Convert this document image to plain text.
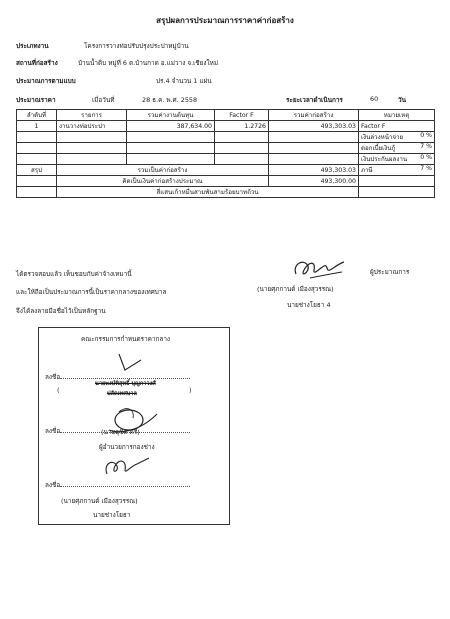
สรุปผลการประมาณการราคาค่าก่อสร้าง
ประเภทงาน	โครงการวางท่อปรับปรุงประปาหมู่บ้าน
สถานที่ก่อสร้าง	บ้านน้ำดิบ หมู่ที่ 6 ต.บ้านกาด อ.แม่วาง จ.เชียงใหม่
ประมาณการตามแบบ	ปร.4 จำนวน 1 แผ่น
ประมาณราคา	เมื่อวันที่	28 ธ.ค. พ.ศ. 2558	ระยะเวลาดำเนินการ	60	วัน
ลำดับที่	รายการ	รวมค่างานต้นทุน	Factor F	รวมค่าก่อสร้าง	หมายเหตุ
1	งานวางท่อประปา	387,634.00	1.2726	493,303.03	Factor F
					เงินล่วงหน้าจ่าย 0 %

					ดอกเบี้ยเงินกู้ 7 %

					เงินประกันผลงาน 0 %

สรุป	รวมเป็นค่าก่อสร้าง			493,303.03	ภาษี 7 %

	คิดเป็นเงินค่าก่อสร้างประมาณ			493,300.00	
	สี่แสนเก้าหมื่นสามพันสามร้อยบาทถ้วน				
ได้ตรวจสอบแล้ว เห็นชอบกับค่าจ้างเหมานี้
และให้ถือเป็นประมาณการนี้เป็นราคากลางของเทศบาล
จึงได้ลงลายมือชื่อไว้เป็นหลักฐาน
ผู้ประมาณการ
(นายศุภกานต์ เมืองสุวรรณ)
นายช่างโยธา 4
คณะกรรมการกำหนดราคากลาง
ลงชื่อ
(
นายพงษ์พิสุทธิ์ บุญกาวงศ์
)
ปลัดเทศบาล
ลงชื่อ	(นายอุชิต คีรี)
ผู้อำนวยการกองช่าง
ลงชื่อ
(นายศุภกานต์ เมืองสุวรรณ)
นายช่างโยธา
